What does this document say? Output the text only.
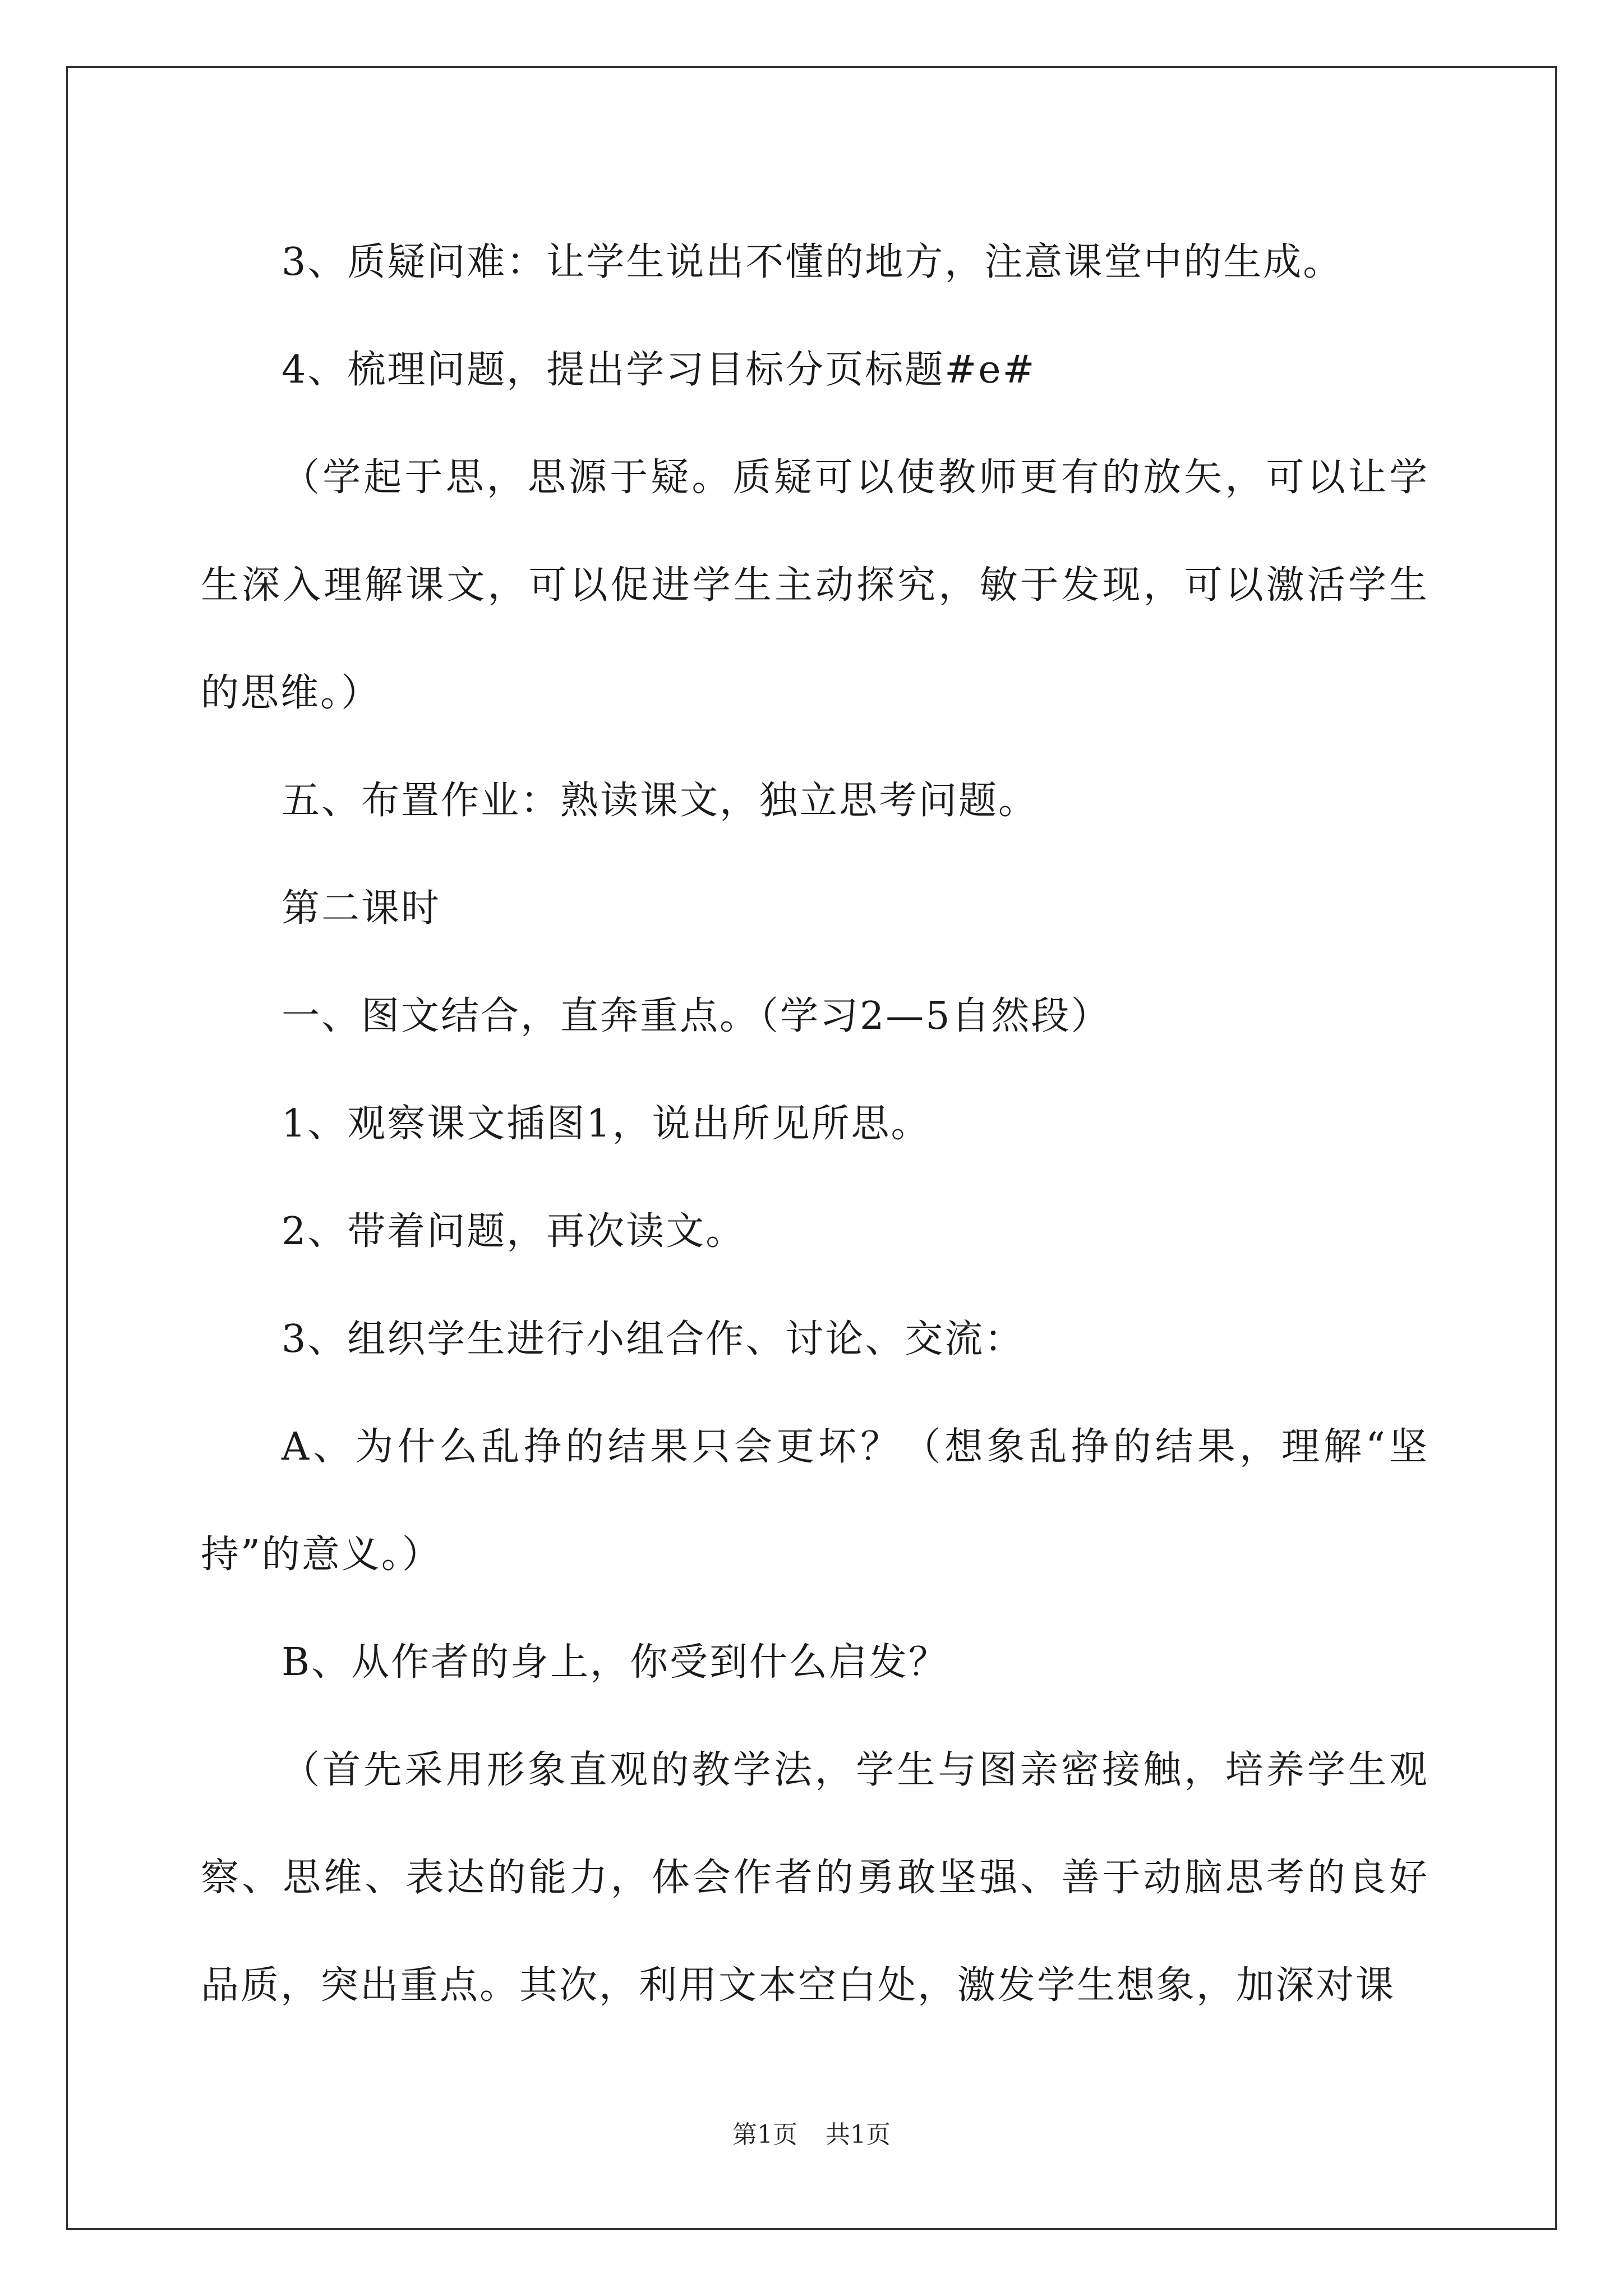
3、质疑问难：让学生说出不懂的地方，注意课堂中的生成。

4、梳理问题，提出学习目标分页标题#e#

（学起于思，思源于疑。质疑可以使教师更有的放矢，可以让学生深入理解课文，可以促进学生主动探究，敏于发现，可以激活学生的思维。）

五、布置作业：熟读课文，独立思考问题。

第二课时

一、图文结合，直奔重点。（学习2—5自然段）

1、观察课文插图1，说出所见所思。

2、带着问题，再次读文。

3、组织学生进行小组合作、讨论、交流：

A、为什么乱挣的结果只会更坏？（想象乱挣的结果，理解“坚持”的意义。）

B、从作者的身上，你受到什么启发？

（首先采用形象直观的教学法，学生与图亲密接触，培养学生观察、思维、表达的能力，体会作者的勇敢坚强、善于动脑思考的良好品质，突出重点。其次，利用文本空白处，激发学生想象，加深对课

第1页 共1页
